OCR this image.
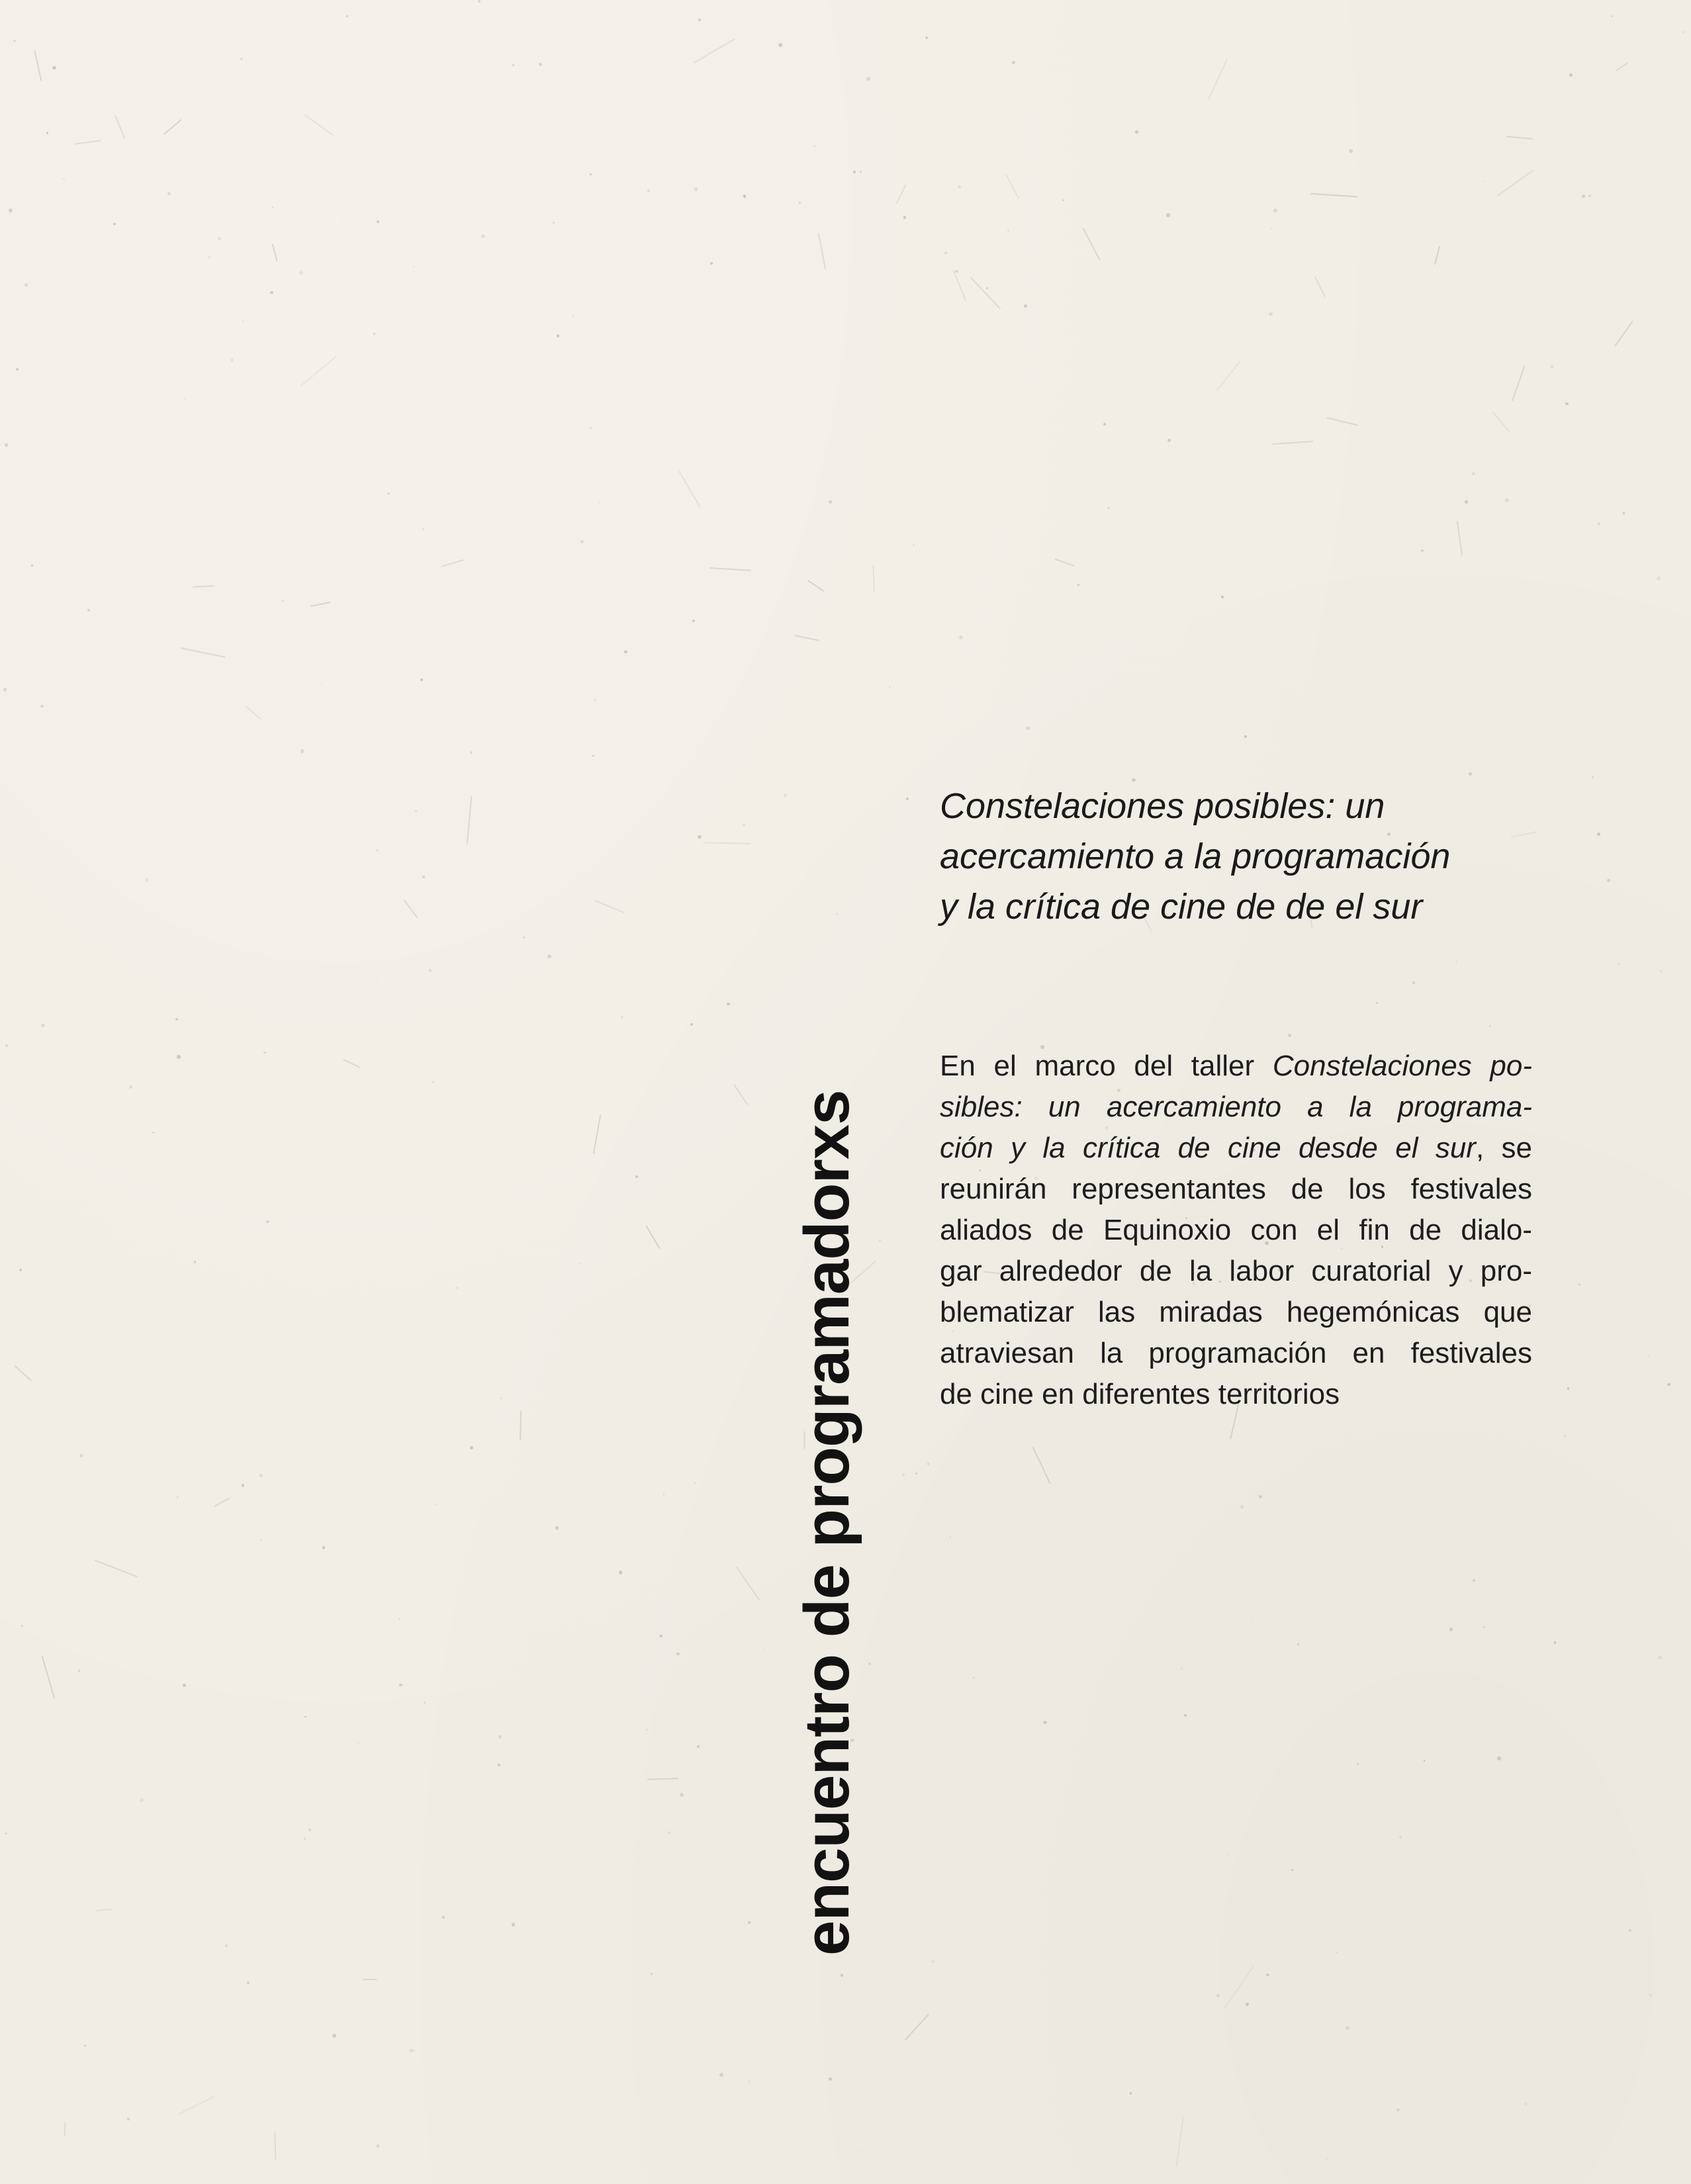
encuentro de programadorxs
Constelaciones posibles: un
acercamiento a la programación
y la crítica de cine de de el sur
En el marco del taller Constelaciones po-
sibles: un acercamiento a la programa-
ción y la crítica de cine desde el sur, se
reunirán representantes de los festivales
aliados de Equinoxio con el fin de dialo-
gar alrededor de la labor curatorial y pro-
blematizar las miradas hegemónicas que
atraviesan la programación en festivales
de cine en diferentes territorios
